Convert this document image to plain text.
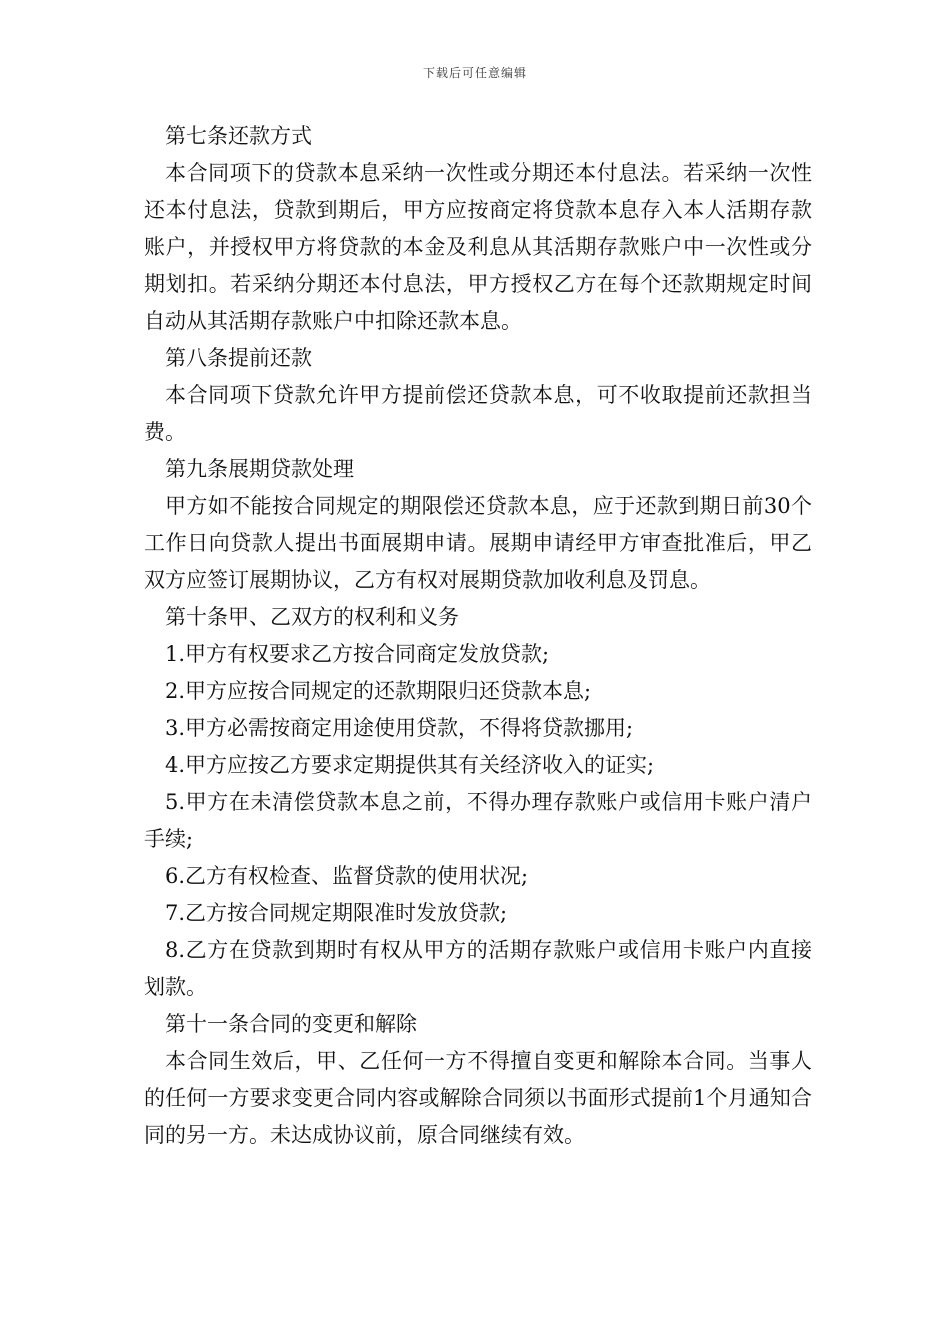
下载后可任意编辑

第七条还款方式

本合同项下的贷款本息采纳一次性或分期还本付息法。若采纳一次性还本付息法，贷款到期后，甲方应按商定将贷款本息存入本人活期存款账户，并授权甲方将贷款的本金及利息从其活期存款账户中一次性或分期划扣。若采纳分期还本付息法，甲方授权乙方在每个还款期规定时间自动从其活期存款账户中扣除还款本息。

第八条提前还款

本合同项下贷款允许甲方提前偿还贷款本息，可不收取提前还款担当费。

第九条展期贷款处理

甲方如不能按合同规定的期限偿还贷款本息，应于还款到期日前30个工作日向贷款人提出书面展期申请。展期申请经甲方审查批准后，甲乙双方应签订展期协议，乙方有权对展期贷款加收利息及罚息。

第十条甲、乙双方的权利和义务

1.甲方有权要求乙方按合同商定发放贷款;

2.甲方应按合同规定的还款期限归还贷款本息;

3.甲方必需按商定用途使用贷款，不得将贷款挪用;

4.甲方应按乙方要求定期提供其有关经济收入的证实;

5.甲方在未清偿贷款本息之前，不得办理存款账户或信用卡账户清户手续;

6.乙方有权检查、监督贷款的使用状况;

7.乙方按合同规定期限准时发放贷款;

8.乙方在贷款到期时有权从甲方的活期存款账户或信用卡账户内直接划款。

第十一条合同的变更和解除

本合同生效后，甲、乙任何一方不得擅自变更和解除本合同。当事人的任何一方要求变更合同内容或解除合同须以书面形式提前1个月通知合同的另一方。未达成协议前，原合同继续有效。
